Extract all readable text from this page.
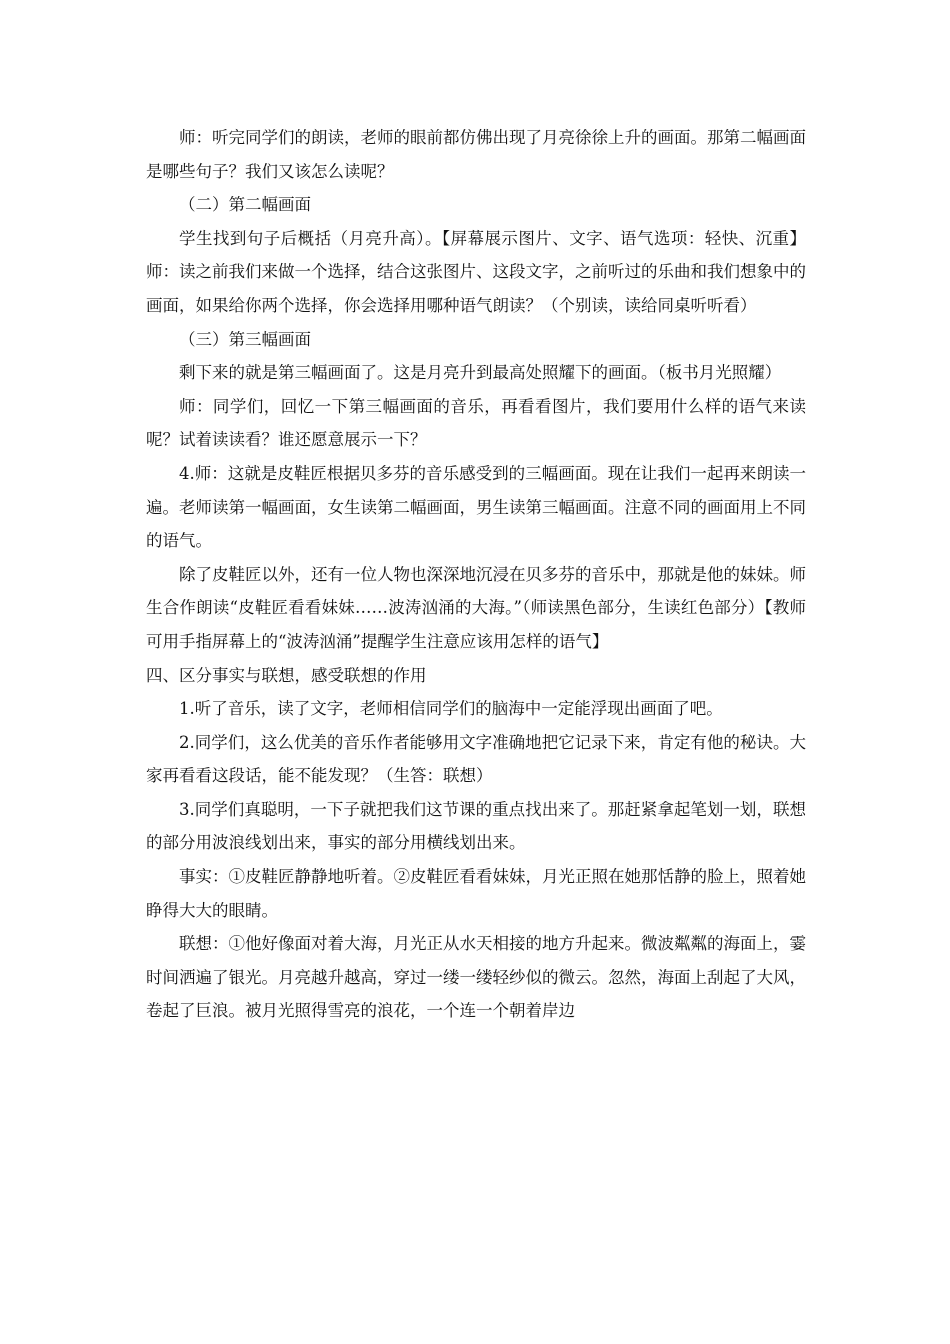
师：听完同学们的朗读，老师的眼前都仿佛出现了月亮徐徐上升的画面。那第二幅画面是哪些句子？我们又该怎么读呢？

（二）第二幅画面

学生找到句子后概括（月亮升高）。【屏幕展示图片、文字、语气选项：轻快、沉重】师：读之前我们来做一个选择，结合这张图片、这段文字，之前听过的乐曲和我们想象中的画面，如果给你两个选择，你会选择用哪种语气朗读？（个别读，读给同桌听听看）

（三）第三幅画面

剩下来的就是第三幅画面了。这是月亮升到最高处照耀下的画面。（板书月光照耀）

师：同学们，回忆一下第三幅画面的音乐，再看看图片，我们要用什么样的语气来读呢？试着读读看？谁还愿意展示一下？

4.师：这就是皮鞋匠根据贝多芬的音乐感受到的三幅画面。现在让我们一起再来朗读一遍。老师读第一幅画面，女生读第二幅画面，男生读第三幅画面。注意不同的画面用上不同的语气。

除了皮鞋匠以外，还有一位人物也深深地沉浸在贝多芬的音乐中，那就是他的妹妹。师生合作朗读“皮鞋匠看看妹妹……波涛汹涌的大海。”（师读黑色部分，生读红色部分）【教师可用手指屏幕上的“波涛汹涌”提醒学生注意应该用怎样的语气】

四、区分事实与联想，感受联想的作用

1.听了音乐，读了文字，老师相信同学们的脑海中一定能浮现出画面了吧。

2.同学们，这么优美的音乐作者能够用文字准确地把它记录下来，肯定有他的秘诀。大家再看看这段话，能不能发现？（生答：联想）

3.同学们真聪明，一下子就把我们这节课的重点找出来了。那赶紧拿起笔划一划，联想的部分用波浪线划出来，事实的部分用横线划出来。

事实：①皮鞋匠静静地听着。②皮鞋匠看看妹妹，月光正照在她那恬静的脸上，照着她睁得大大的眼睛。

联想：①他好像面对着大海，月光正从水天相接的地方升起来。微波粼粼的海面上，霎时间洒遍了银光。月亮越升越高，穿过一缕一缕轻纱似的微云。忽然，海面上刮起了大风，卷起了巨浪。被月光照得雪亮的浪花，一个连一个朝着岸边
